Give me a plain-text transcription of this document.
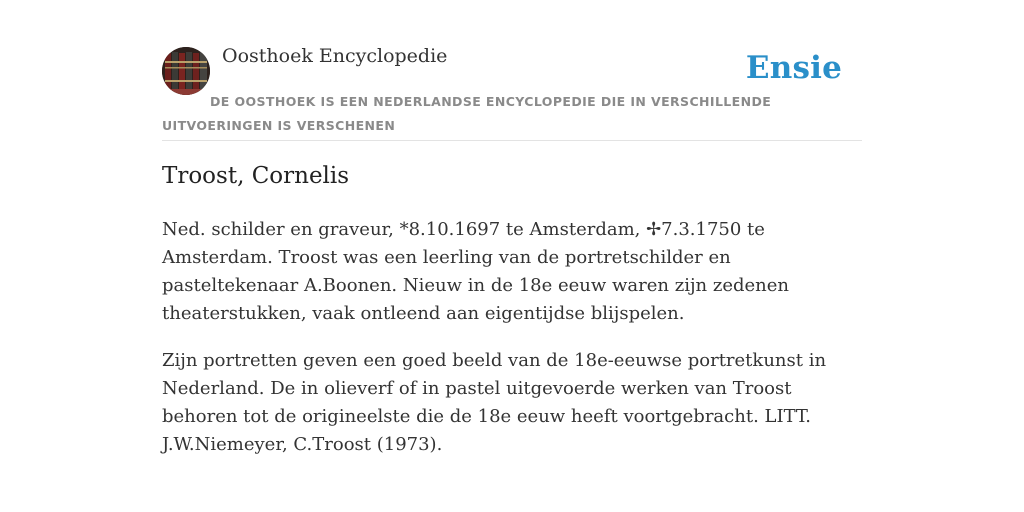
Oosthoek Encyclopedie	Ensie

DE OOSTHOEK IS EEN NEDERLANDSE ENCYCLOPEDIE DIE IN VERSCHILLENDE UITVOERINGEN IS VERSCHENEN

Troost, Cornelis

Ned. schilder en graveur, *8.10.1697 te Amsterdam, ✢7.3.1750 te Amsterdam. Troost was een leerling van de portretschilder en pasteltekenaar A.Boonen. Nieuw in de 18e eeuw waren zijn zedenen theaterstukken, vaak ontleend aan eigentijdse blijspelen.

Zijn portretten geven een goed beeld van de 18e-eeuwse portretkunst in Nederland. De in olieverf of in pastel uitgevoerde werken van Troost behoren tot de origineelste die de 18e eeuw heeft voortgebracht. LITT. J.W.Niemeyer, C.Troost (1973).
